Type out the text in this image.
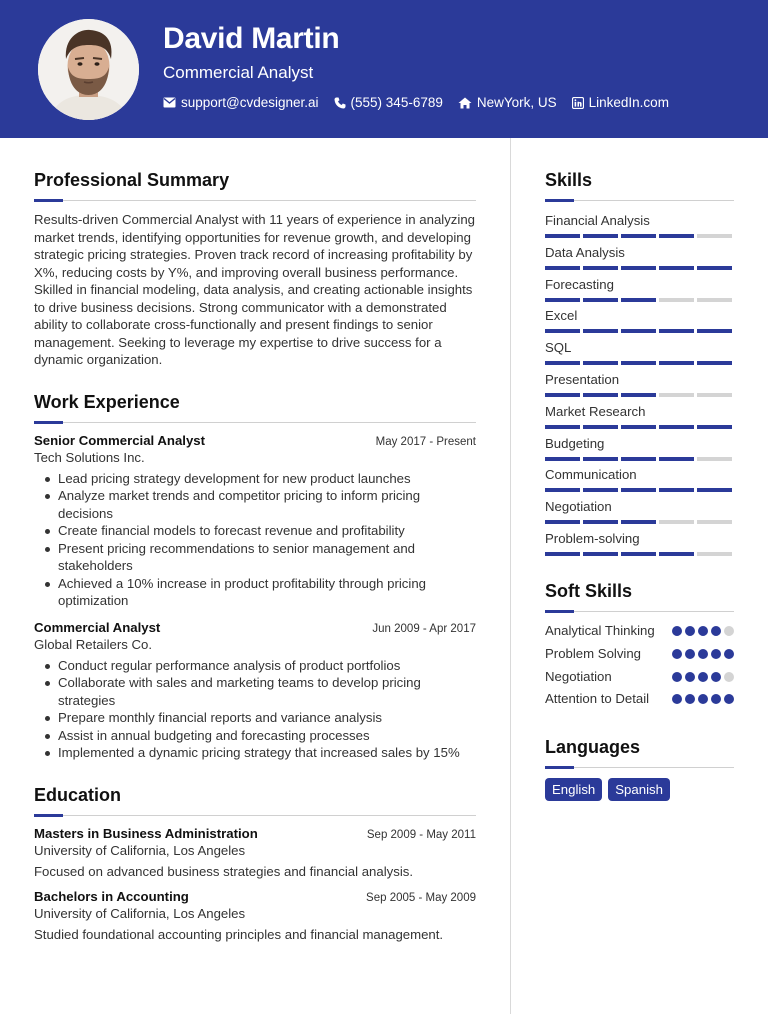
David Martin
Commercial Analyst
support@cvdesigner.ai (555) 345-6789	NewYork, US LinkedIn.com
Professional Summary
Results-driven Commercial Analyst with 11 years of experience in analyzing market trends, identifying opportunities for revenue growth, and developing strategic pricing strategies. Proven track record of increasing profitability by X%, reducing costs by Y%, and improving overall business performance. Skilled in financial modeling, data analysis, and creating actionable insights to drive business decisions. Strong communicator with a demonstrated ability to collaborate cross-functionally and present findings to senior management. Seeking to leverage my expertise to drive success for a dynamic organization.
Work Experience
Senior Commercial Analyst	May 2017 - Present
Tech Solutions Inc.
Lead pricing strategy development for new product launches
Analyze market trends and competitor pricing to inform pricing decisions
Create financial models to forecast revenue and profitability
Present pricing recommendations to senior management and stakeholders
Achieved a 10% increase in product profitability through pricing optimization
Commercial Analyst	Jun 2009 - Apr 2017
Global Retailers Co.
Conduct regular performance analysis of product portfolios
Collaborate with sales and marketing teams to develop pricing strategies
Prepare monthly financial reports and variance analysis
Assist in annual budgeting and forecasting processes
Implemented a dynamic pricing strategy that increased sales by 15%
Education
Masters in Business Administration	Sep 2009 - May 2011
University of California, Los Angeles
Focused on advanced business strategies and financial analysis.
Bachelors in Accounting	Sep 2005 - May 2009
University of California, Los Angeles
Studied foundational accounting principles and financial management.
Skills
Financial Analysis
Data Analysis
Forecasting
Excel
SQL
Presentation
Market Research
Budgeting
Communication
Negotiation
Problem-solving
Soft Skills
Analytical Thinking
Problem Solving
Negotiation
Attention to Detail
Languages
English	Spanish
